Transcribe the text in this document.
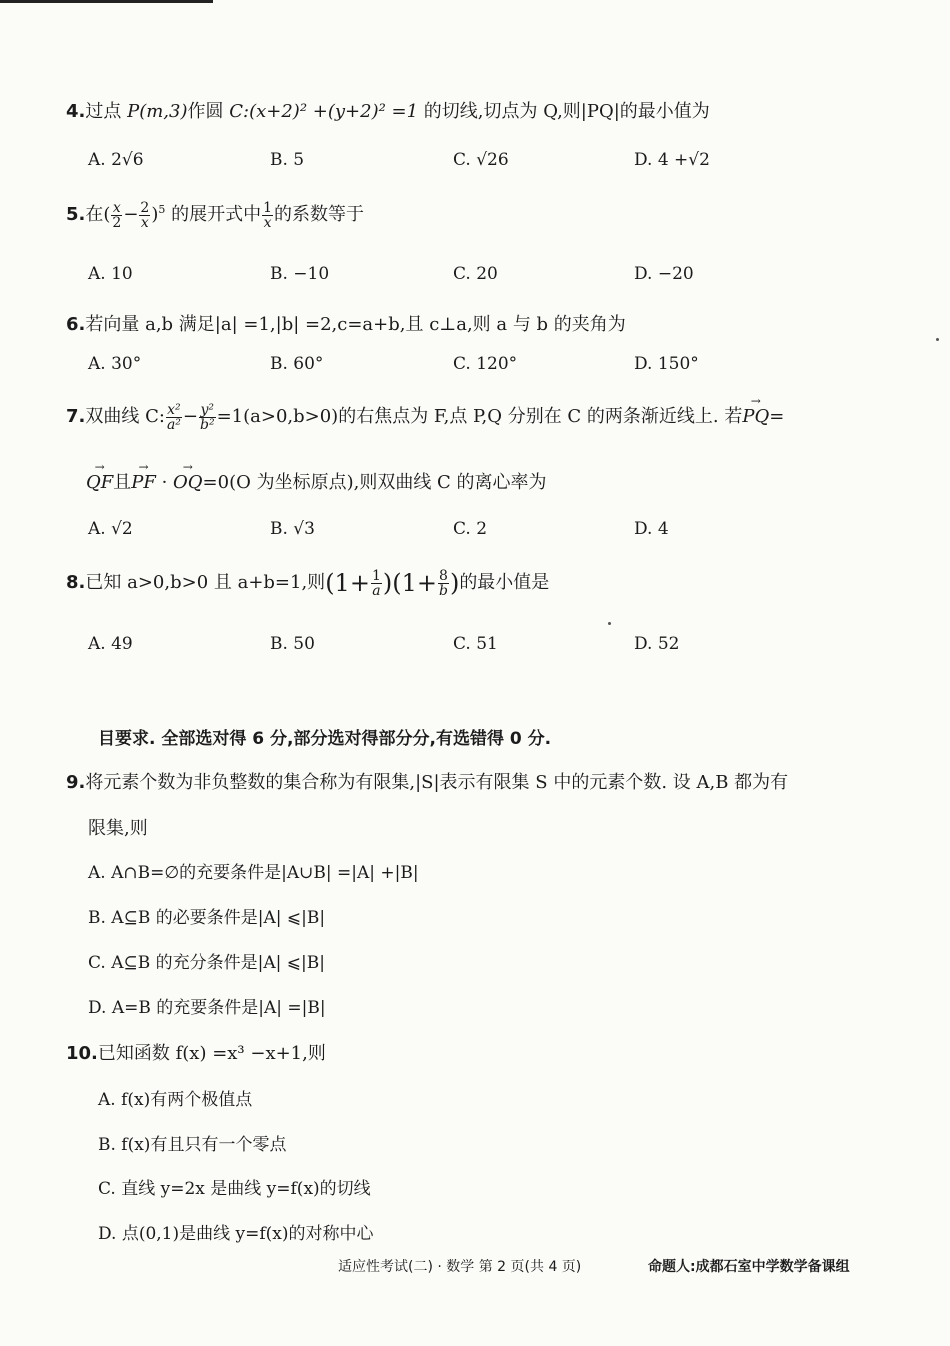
4.过点 P(m,3)作圆 C:(x+2)² +(y+2)² =1 的切线,切点为 Q,则|PQ|的最小值为
A. 2√6	B. 5	C. √26	D. 4 +√2
5.在( $\frac{x}{2} - \frac{2}{x} )^5$ 的展开式中 $\frac{1}{x}$ 的系数等于
A. 10	B. −10	C. 20	D. −20
6.若向量 a,b 满足|a| =1,|b| =2,c=a+b,且 c⊥a,则 a 与 b 的夹角为
A. 30°	B. 60°	C. 120°	D. 150°
7.双曲线 C: $\frac{\text{x²}}{\text{a²}} - \frac{\text{y²}}{\text{b²}} =1(a>0,b>0)$的右焦点为 F,点 P,Q 分别在 C 的两条渐近线上. 若→ PQ=
→ QF且→ PF · → OQ=0(O 为坐标原点),则双曲线 C 的离心率为
A. √2	B. √3	C. 2	D. 4
8.已知 a>0,b>0 且 a+b=1,则$(1+ \frac{1}{a} )(1+ \frac{8}{b}$ )的最小值是
A. 49	B. 50	C. 51	D. 52
目要求. 全部选对得 6 分,部分选对得部分分,有选错得 0 分.
9.将元素个数为非负整数的集合称为有限集,|S|表示有限集 S 中的元素个数. 设 A,B 都为有
限集,则
A. A∩B=∅的充要条件是|A∪B| =|A| +|B|
B. A⊆B 的必要条件是|A| ⩽|B|
C. A⊆B 的充分条件是|A| ⩽|B|
D. A=B 的充要条件是|A| =|B|
10.已知函数 f(x) =x³ −x+1,则
A. f(x)有两个极值点
B. f(x)有且只有一个零点
C. 直线 y=2x 是曲线 y=f(x)的切线
D. 点(0,1)是曲线 y=f(x)的对称中心
适应性考试(二) · 数学 第 2 页(共 4 页)	命题人:成都石室中学数学备课组
